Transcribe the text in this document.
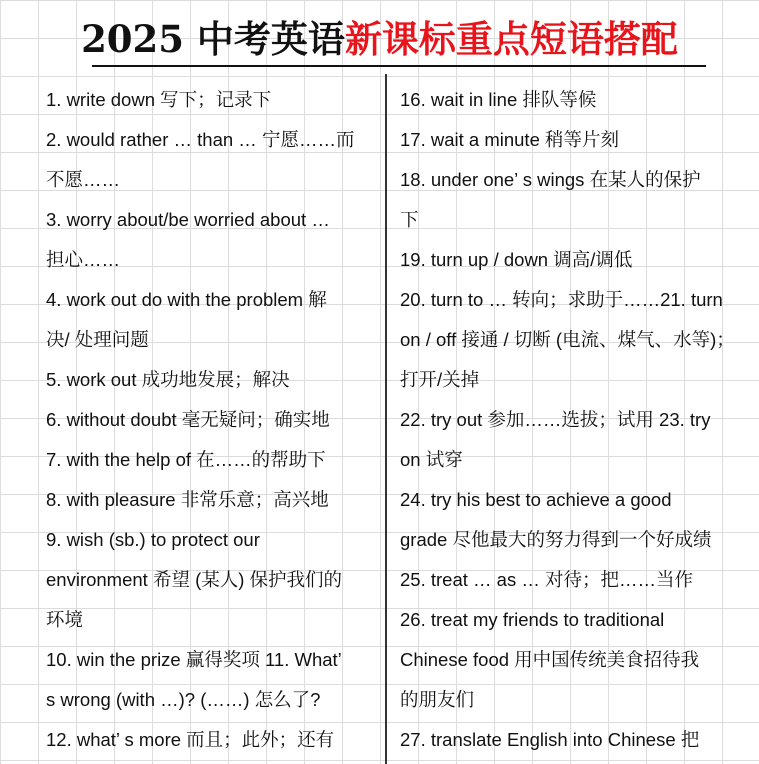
2025 中考英语新课标重点短语搭配
1. write down 写下；记录下
2. would rather … than … 宁愿……而
不愿……
3. worry about/be worried about …
担心……
4. work out do with the problem 解
决/ 处理问题
5. work out 成功地发展；解决
6. without doubt 毫无疑问；确实地
7. with the help of 在……的帮助下
8. with pleasure 非常乐意；高兴地
9. wish (sb.) to protect our
environment 希望 (某人) 保护我们的
环境
10. win the prize 赢得奖项 11. What’
s wrong (with …)? (……) 怎么了?
12. what’ s more 而且；此外；还有
16. wait in line 排队等候
17. wait a minute 稍等片刻
18. under one’ s wings 在某人的保护
下
19. turn up / down 调高/调低
20. turn to … 转向；求助于……21. turn
on / off 接通 / 切断 (电流、煤气、水等)；
打开/关掉
22. try out 参加……选拔；试用 23. try
on 试穿
24. try his best to achieve a good
grade 尽他最大的努力得到一个好成绩
25. treat … as … 对待；把……当作
26. treat my friends to traditional
Chinese food 用中国传统美食招待我
的朋友们
27. translate English into Chinese 把
